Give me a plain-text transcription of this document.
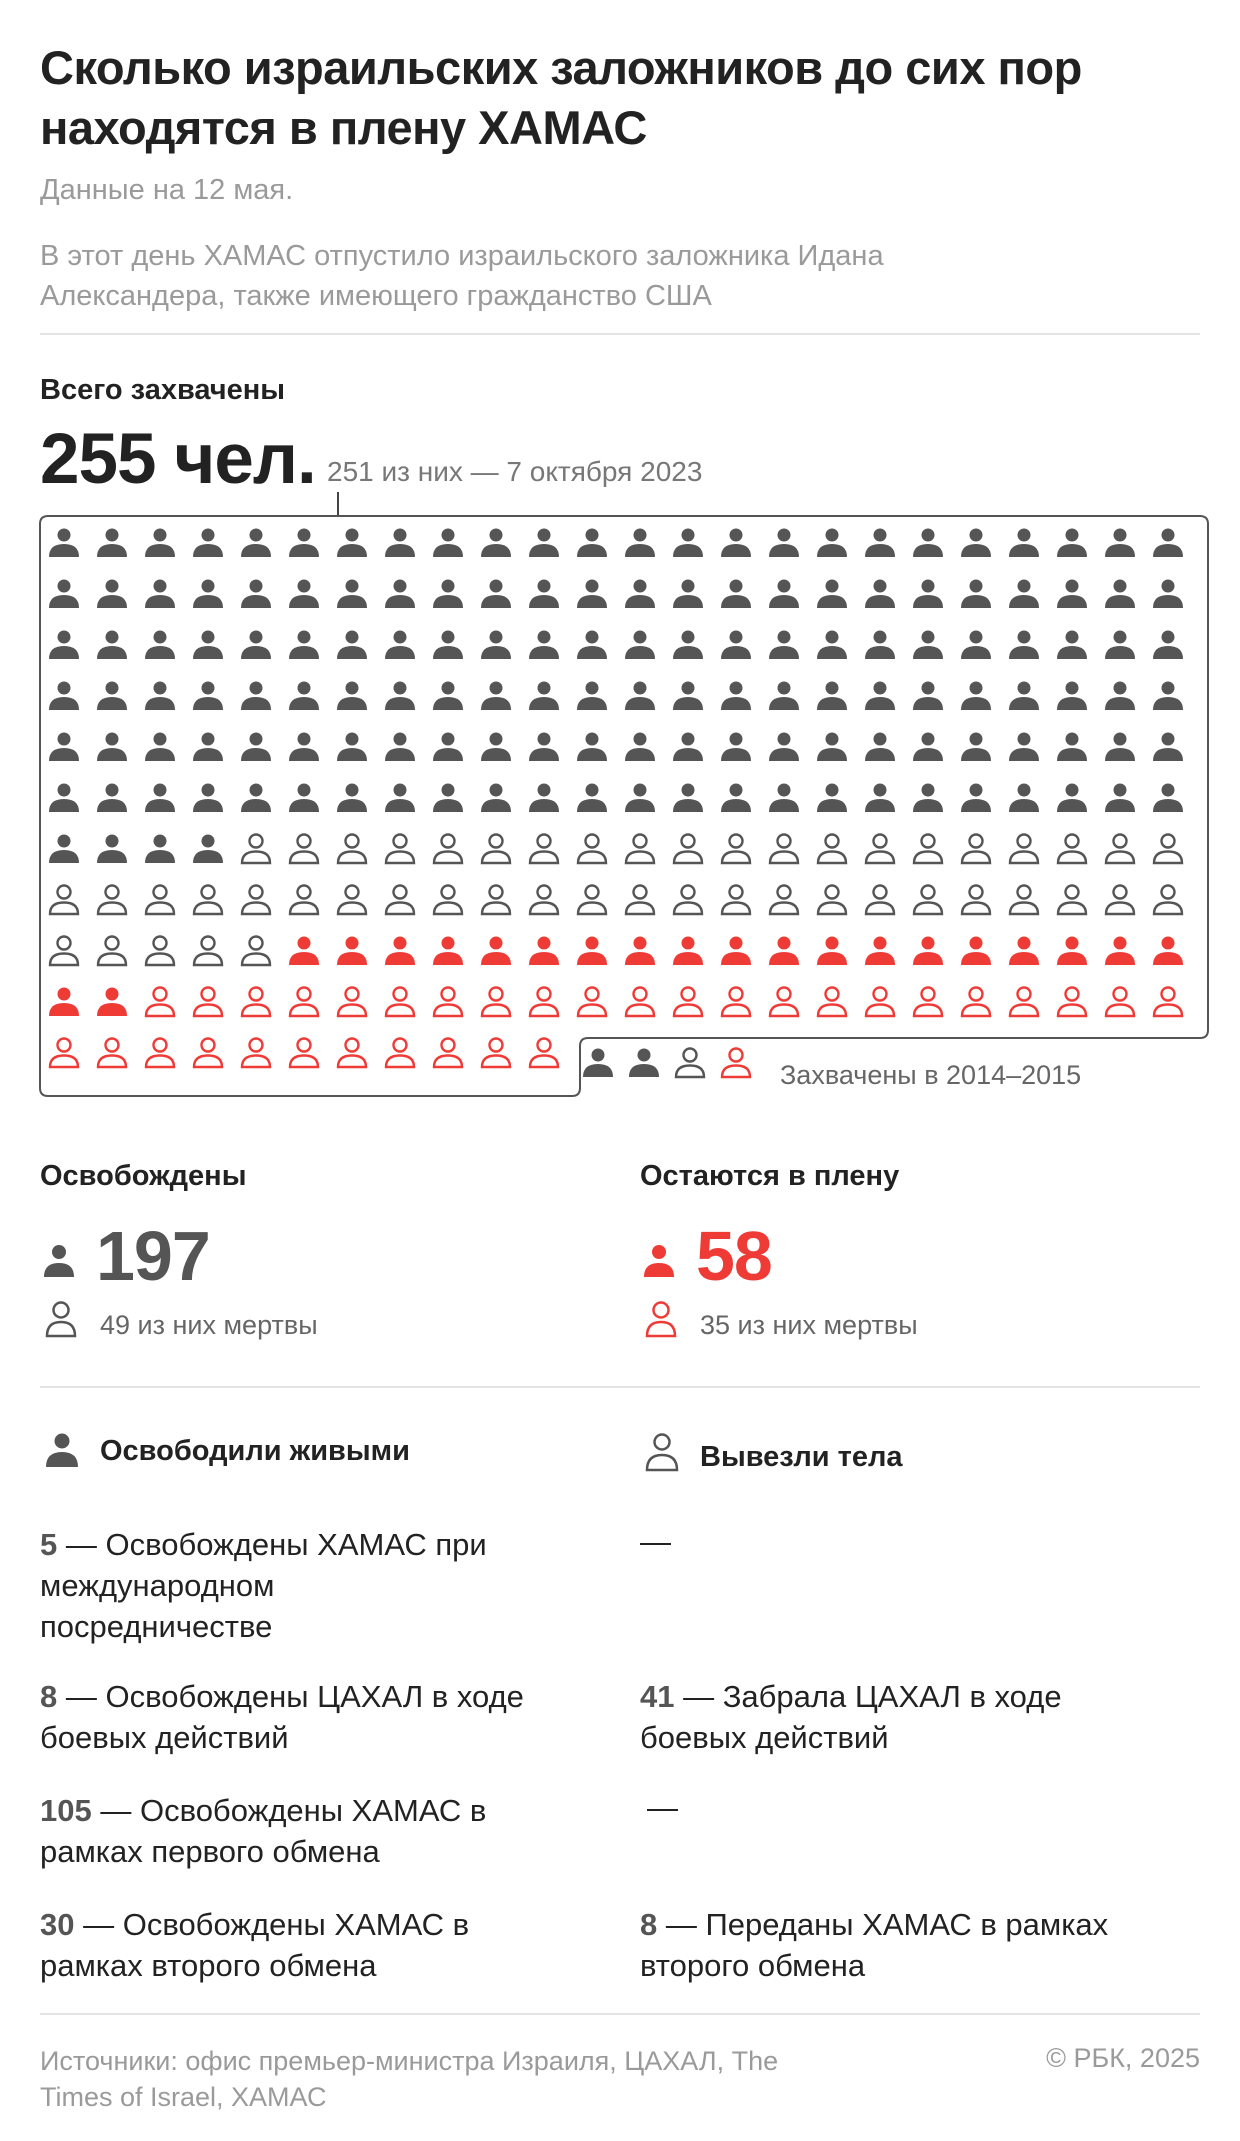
Сколько израильских заложников до сих пор находятся в плену ХАМАС
Данные на 12 мая.
В этот день ХАМАС отпустило израильского заложника Идана Александера, также имеющего гражданство США
Всего захвачены
255 чел. 251 из них — 7 октября 2023
Захвачены в 2014–2015
Освобождены
197
49 из них мертвы
Остаются в плену
58
35 из них мертвы
Освободили живыми	Вывезли тела
5 — Освобождены ХАМАС при международном посредничестве
8 — Освобождены ЦАХАЛ в ходе боевых действий
105 — Освобождены ХАМАС в рамках первого обмена
30 — Освобождены ХАМАС в рамках второго обмена
—
41 — Забрала ЦАХАЛ в ходе боевых действий
—
8 — Переданы ХАМАС в рамках второго обмена
Источники: офис премьер-министра Израиля, ЦАХАЛ, The Times of Israel, ХАМАС
© РБК, 2025
